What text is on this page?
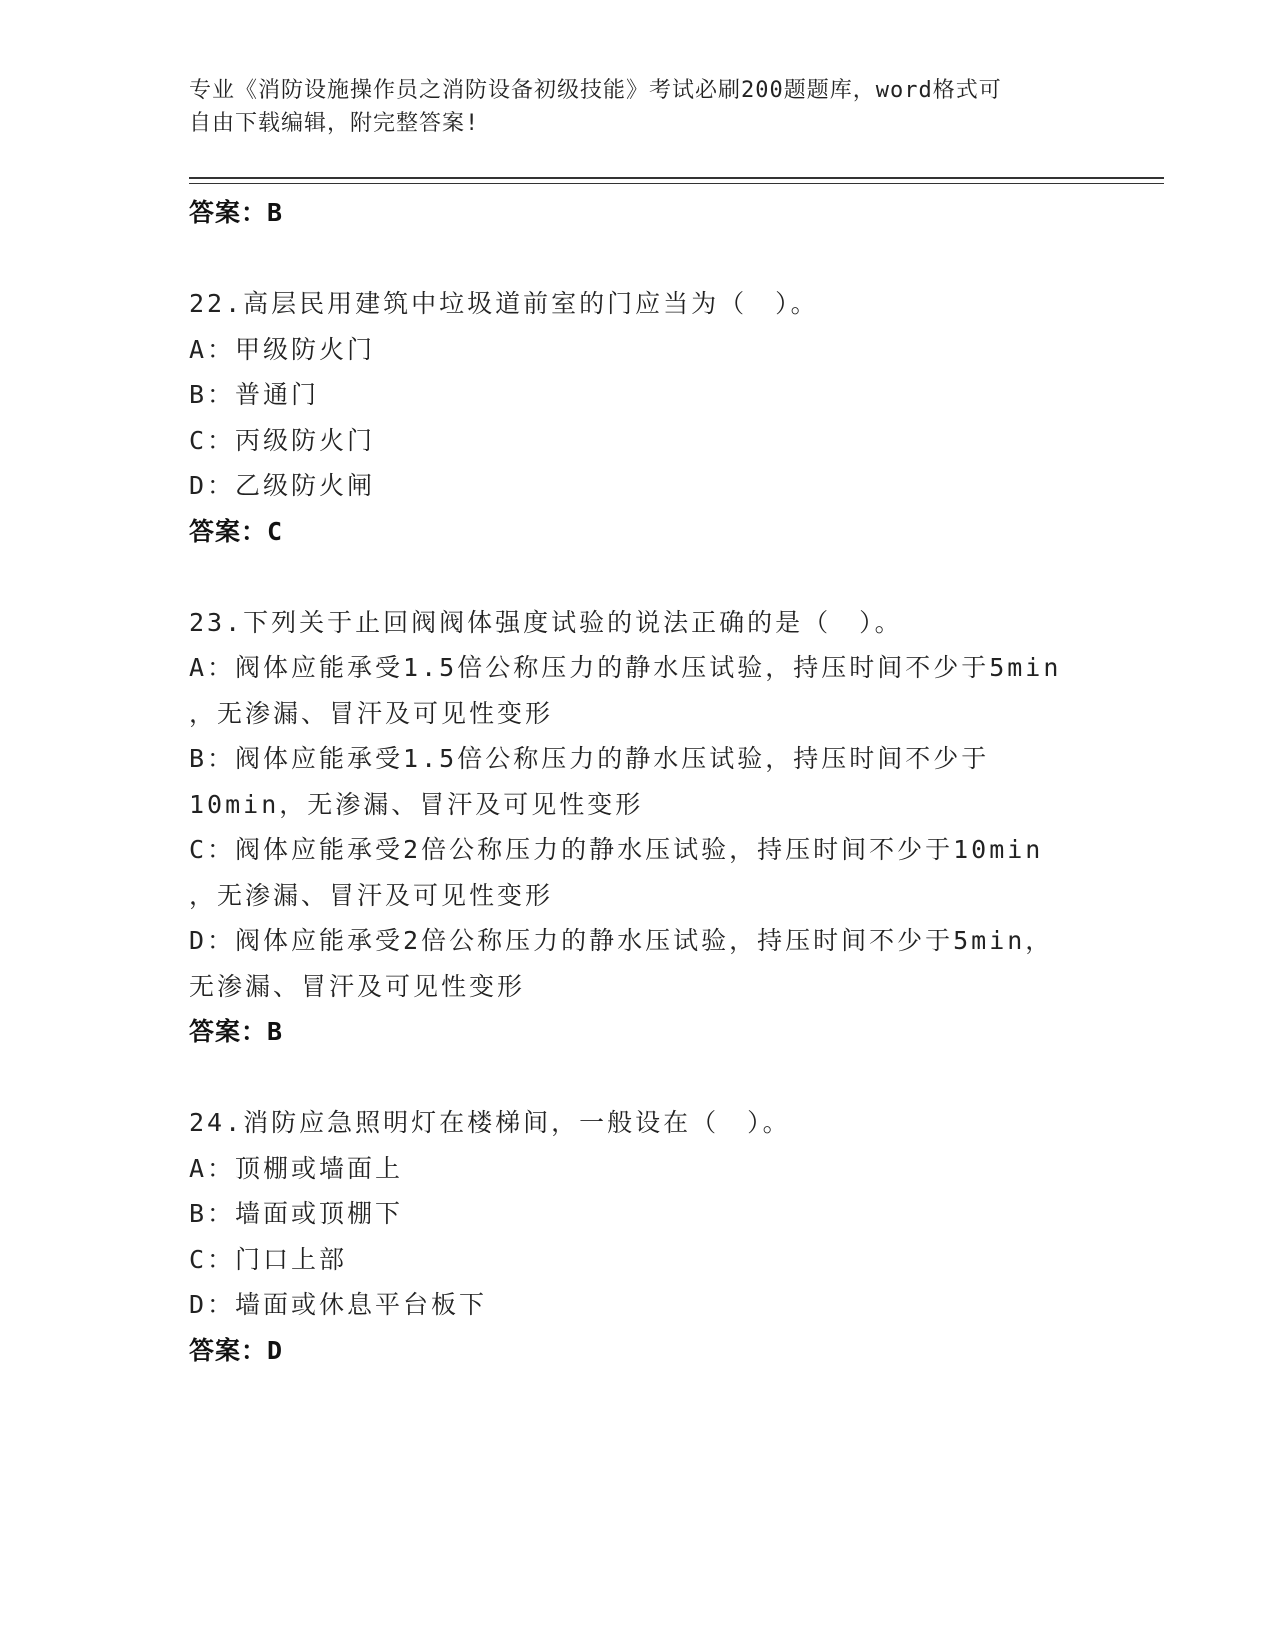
专业《消防设施操作员之消防设备初级技能》考试必刷200题题库，word格式可
自由下载编辑，附完整答案!
答案：B
22.高层民用建筑中垃圾道前室的门应当为（　）。
A：甲级防火门
B：普通门
C：丙级防火门
D：乙级防火闸
答案：C
23.下列关于止回阀阀体强度试验的说法正确的是（　）。
A：阀体应能承受1.5倍公称压力的静水压试验，持压时间不少于5min
，无渗漏、冒汗及可见性变形
B：阀体应能承受1.5倍公称压力的静水压试验，持压时间不少于
10min，无渗漏、冒汗及可见性变形
C：阀体应能承受2倍公称压力的静水压试验，持压时间不少于10min
，无渗漏、冒汗及可见性变形
D：阀体应能承受2倍公称压力的静水压试验，持压时间不少于5min，
无渗漏、冒汗及可见性变形
答案：B
24.消防应急照明灯在楼梯间，一般设在（　）。
A：顶棚或墙面上
B：墙面或顶棚下
C：门口上部
D：墙面或休息平台板下
答案：D
